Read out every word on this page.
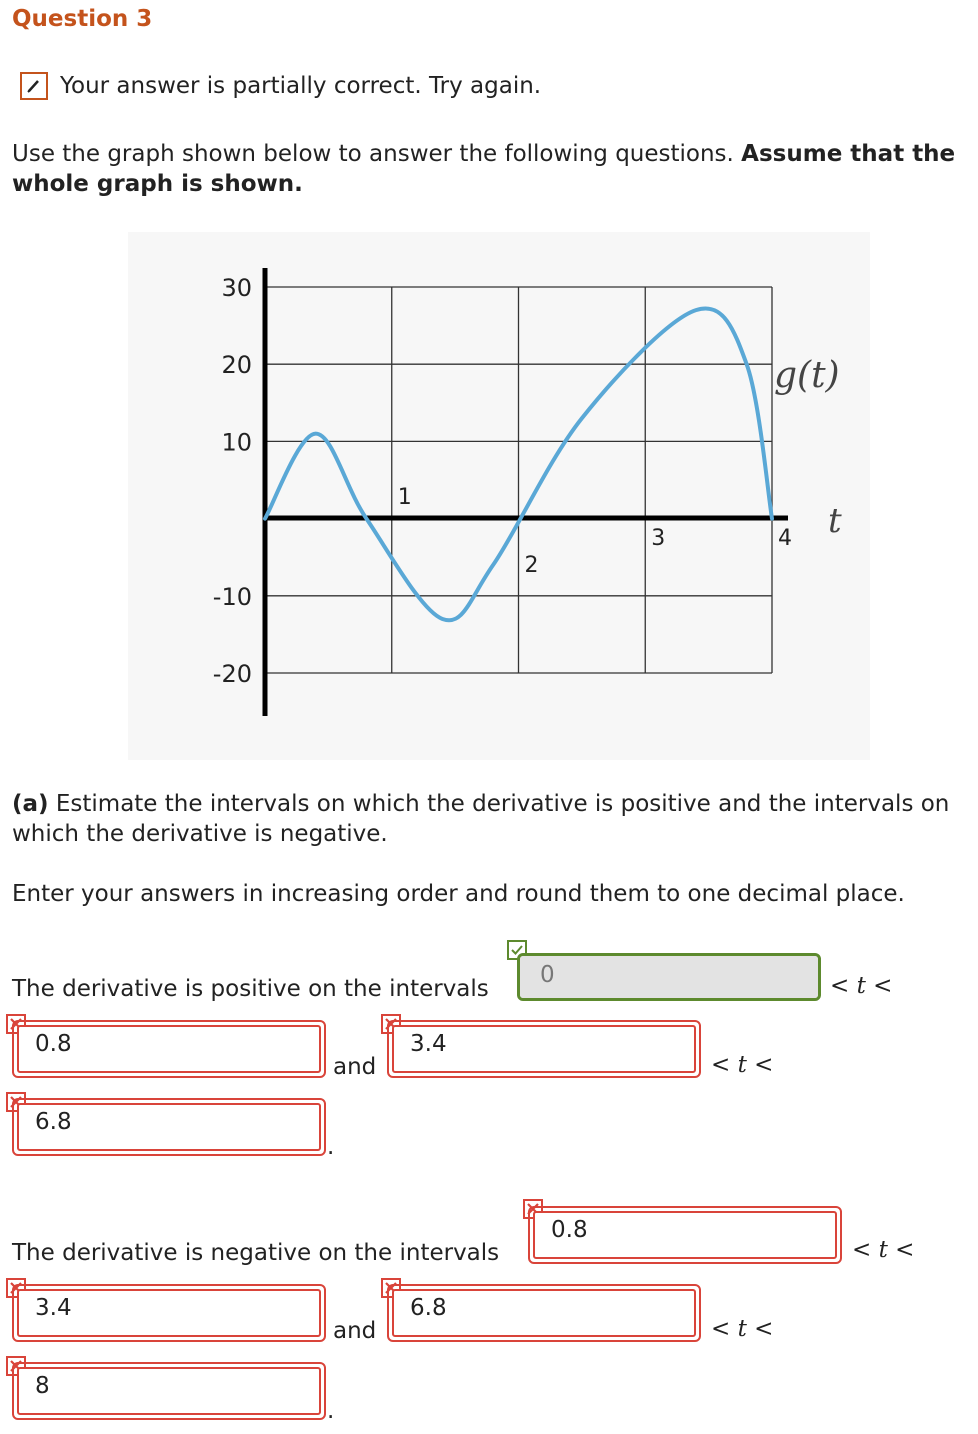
Question 3
Your answer is partially correct. Try again.
Use the graph shown below to answer the following questions. Assume that the whole graph is shown.
30
20
10
-10
-20
1
2
3	4
g(t)
t
(a) Estimate the intervals on which the derivative is positive and the intervals on which the derivative is negative.
Enter your answers in increasing order and round them to one decimal place.
The derivative is positive on the intervals
0	< t <
0.8
and
3.4
< t <
6.8
.
The derivative is negative on the intervals
0.8
< t <
3.4
and
6.8
< t <
8
.
